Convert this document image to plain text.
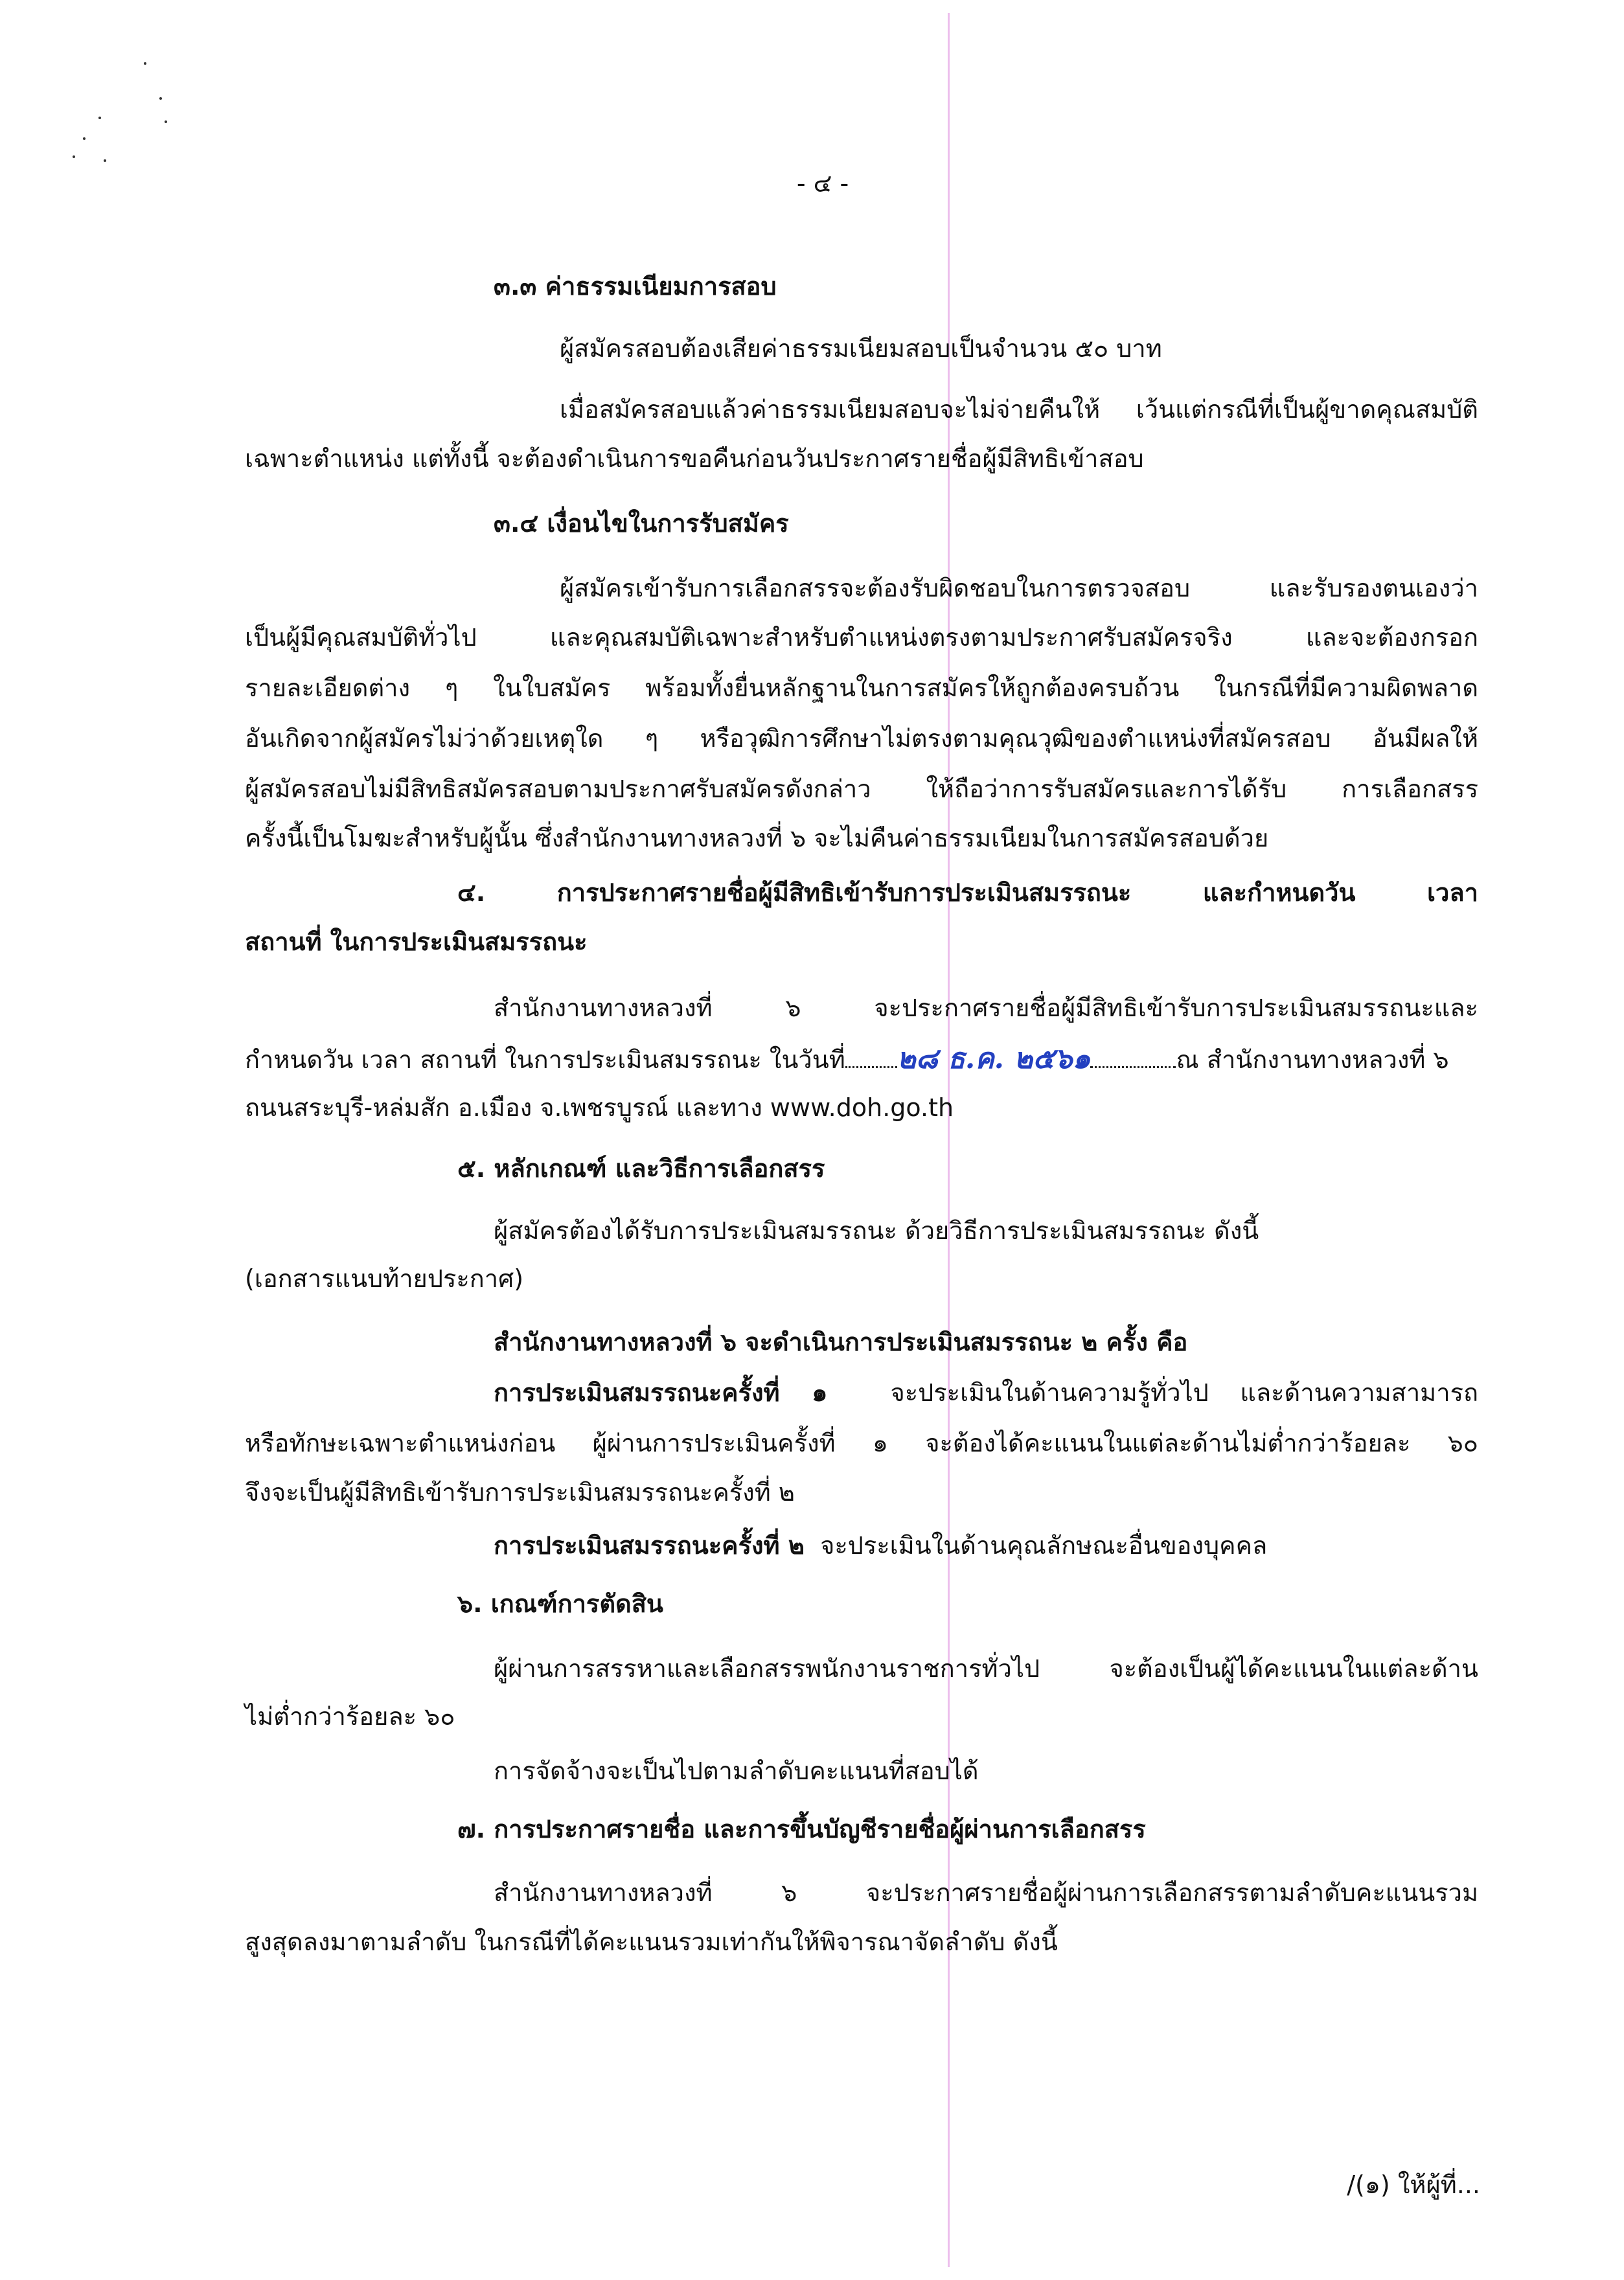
- ๔ -
๓.๓ ค่าธรรมเนียมการสอบ
ผู้สมัครสอบต้องเสียค่าธรรมเนียมสอบเป็นจำนวน ๕๐ บาท
เมื่อสมัครสอบแล้วค่าธรรมเนียมสอบจะไม่จ่ายคืนให้ เว้นแต่กรณีที่เป็นผู้ขาดคุณสมบัติ
เฉพาะตำแหน่ง แต่ทั้งนี้ จะต้องดำเนินการขอคืนก่อนวันประกาศรายชื่อผู้มีสิทธิเข้าสอบ
๓.๔ เงื่อนไขในการรับสมัคร
ผู้สมัครเข้ารับการเลือกสรรจะต้องรับผิดชอบในการตรวจสอบ และรับรองตนเองว่า
เป็นผู้มีคุณสมบัติทั่วไป และคุณสมบัติเฉพาะสำหรับตำแหน่งตรงตามประกาศรับสมัครจริง และจะต้องกรอก
รายละเอียดต่าง ๆ ในใบสมัคร พร้อมทั้งยื่นหลักฐานในการสมัครให้ถูกต้องครบถ้วน ในกรณีที่มีความผิดพลาด
อันเกิดจากผู้สมัครไม่ว่าด้วยเหตุใด ๆ หรือวุฒิการศึกษาไม่ตรงตามคุณวุฒิของตำแหน่งที่สมัครสอบ อันมีผลให้
ผู้สมัครสอบไม่มีสิทธิสมัครสอบตามประกาศรับสมัครดังกล่าว ให้ถือว่าการรับสมัครและการได้รับ การเลือกสรร
ครั้งนี้เป็นโมฆะสำหรับผู้นั้น ซึ่งสำนักงานทางหลวงที่ ๖ จะไม่คืนค่าธรรมเนียมในการสมัครสอบด้วย
๔. การประกาศรายชื่อผู้มีสิทธิเข้ารับการประเมินสมรรถนะ และกำหนดวัน เวลา
สถานที่ ในการประเมินสมรรถนะ
สำนักงานทางหลวงที่ ๖ จะประกาศรายชื่อผู้มีสิทธิเข้ารับการประเมินสมรรถนะและ
กำหนดวัน เวลา สถานที่ ในการประเมินสมรรถนะ ในวันที่ ๒๘ ธ.ค. ๒๕๖๑	ณ สำนักงานทางหลวงที่ ๖
ถนนสระบุรี-หล่มสัก อ.เมือง จ.เพชรบูรณ์ และทาง www.doh.go.th
๕. หลักเกณฑ์ และวิธีการเลือกสรร
ผู้สมัครต้องได้รับการประเมินสมรรถนะ ด้วยวิธีการประเมินสมรรถนะ ดังนี้
(เอกสารแนบท้ายประกาศ)
สำนักงานทางหลวงที่ ๖ จะดำเนินการประเมินสมรรถนะ ๒ ครั้ง คือ
การประเมินสมรรถนะครั้งที่ ๑	จะประเมินในด้านความรู้ทั่วไป และด้านความสามารถ
หรือทักษะเฉพาะตำแหน่งก่อน ผู้ผ่านการประเมินครั้งที่ ๑ จะต้องได้คะแนนในแต่ละด้านไม่ต่ำกว่าร้อยละ ๖๐
จึงจะเป็นผู้มีสิทธิเข้ารับการประเมินสมรรถนะครั้งที่ ๒
การประเมินสมรรถนะครั้งที่ ๒ จะประเมินในด้านคุณลักษณะอื่นของบุคคล
๖. เกณฑ์การตัดสิน
ผู้ผ่านการสรรหาและเลือกสรรพนักงานราชการทั่วไป จะต้องเป็นผู้ได้คะแนนในแต่ละด้าน
ไม่ต่ำกว่าร้อยละ ๖๐
การจัดจ้างจะเป็นไปตามลำดับคะแนนที่สอบได้
๗. การประกาศรายชื่อ และการขึ้นบัญชีรายชื่อผู้ผ่านการเลือกสรร
สำนักงานทางหลวงที่ ๖ จะประกาศรายชื่อผู้ผ่านการเลือกสรรตามลำดับคะแนนรวม
สูงสุดลงมาตามลำดับ ในกรณีที่ได้คะแนนรวมเท่ากันให้พิจารณาจัดลำดับ ดังนี้
/(๑) ให้ผู้ที่...
